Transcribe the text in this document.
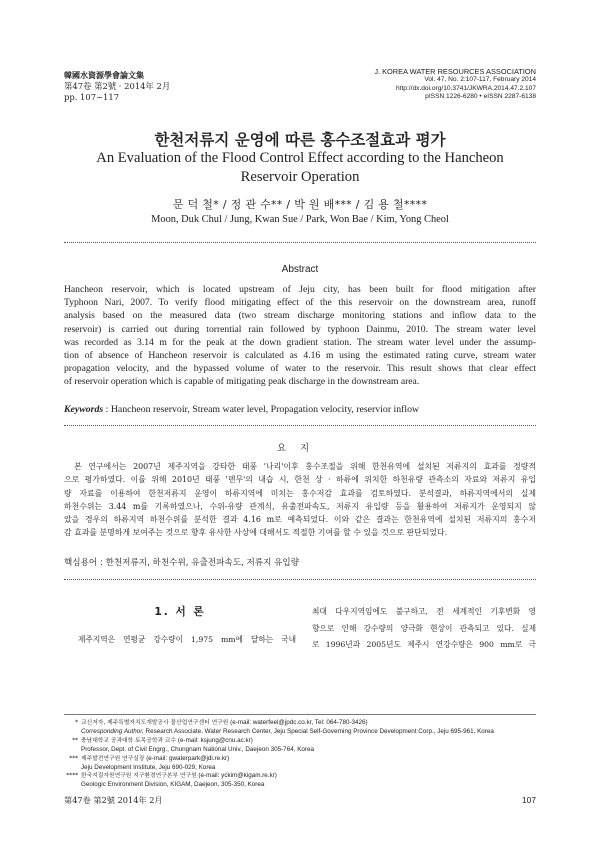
韓國水資源學會論文集
第47卷 第2號 · 2014年 2月
pp. 107~117
J. KOREA WATER RESOURCES ASSOCIATION
Vol. 47, No. 2:107-117, February 2014
http://dx.doi.org/10.3741/JKWRA.2014.47.2.107
pISSN 1226-6280 • eISSN 2287-6138
한천저류지 운영에 따른 홍수조절효과 평가
An Evaluation of the Flood Control Effect according to the Hancheon
Reservoir Operation
문 덕 철* / 정 관 수** / 박 원 배*** / 김 용 철****
Moon, Duk Chul / Jung, Kwan Sue / Park, Won Bae / Kim, Yong Cheol
Abstract
Hancheon reservoir, which is located upstream of Jeju city, has been built for flood mitigation after
Typhoon Nari, 2007. To verify flood mitigating effect of the this reservoir on the downstream area, runoff
analysis based on the measured data (two stream discharge monitoring stations and inflow data to the
reservoir) is carried out during torrential rain followed by typhoon Dainmu, 2010. The stream water level
was recorded as 3.14 m for the peak at the down gradient station. The stream water level under the assump-
tion of absence of Hancheon reservoir is calculated as 4.16 m using the estimated rating curve, stream water
propagation velocity, and the bypassed volume of water to the reservoir. This result shows that clear effect
of reservoir operation which is capable of mitigating peak discharge in the downstream area.
Keywords : Hancheon reservoir, Stream water level, Propagation velocity, reservior inflow
요지
본 연구에서는 2007년 제주지역을 강타한 태풍 '나리'이후 홍수조절을 위해 한천유역에 설치된 저류지의 효과를 정량적
으로 평가하였다. 이를 위해 2010년 태풍 '뎬무'의 내습 시, 한천 상 · 하류에 위치한 하천유량 관측소의 자료와 저류지 유입
량 자료를 이용하여 한천저류지 운영이 하류지역에 미치는 홍수저감 효과를 검토하였다. 분석결과, 하류지역에서의 실제
하천수위는 3.44 m를 기록하였으나, 수위-유량 관계식, 유출전파속도, 저류지 유입량 등을 활용하여 저류지가 운영되지 않
았을 경우의 하류지역 하천수위를 분석한 결과 4.16 m로 예측되었다. 이와 같은 결과는 한천유역에 설치된 저류지의 홍수저
감 효과를 분명하게 보여주는 것으로 향후 유사한 사상에 대해서도 적절한 기여를 할 수 있을 것으로 판단되었다.
핵심용어 : 한천저류지, 하천수위, 유출전파속도, 저류지 유입량
1. 서 론
제주지역은 연평균 강수량이 1,975 mm에 달하는 국내
최대 다우지역임에도 불구하고, 전 세계적인 기후변화 영
향으로 인해 강수량의 양극화 현상이 관측되고 있다. 실제
로 1996년과 2005년도 제주시 연강수량은 900 mm로 극
* 교신저자, 제주특별자치도개발공사 물산업연구센터 연구원 (e-mail: waterfeel@jpdc.co.kr, Tel: 064-780-3426)
Corresponding Author, Research Associate, Water Research Center, Jeju Special Self-Governing Province Development Corp., Jeju 695-961, Korea
** 충남대학교 공과대학 토목공학과 교수 (e-mail: ksjung@cnu.ac.kr)
Professor, Dept. of Civil Engrg., Chungnam National Univ., Daejeon 305-764, Korea
*** 제주발전연구원 연구실장 (e-mail: gwaterpark@jdi.re.kr)
Jeju Development Institute, Jeju 690-029, Korea
**** 한국지질자원연구원 지구환경연구본부 연구원 (e-mail: yckim@kigam.re.kr)
Geologic Environment Division, KIGAM, Daejeon, 305-350, Korea
第47卷 第2號 2014年 2月	107
